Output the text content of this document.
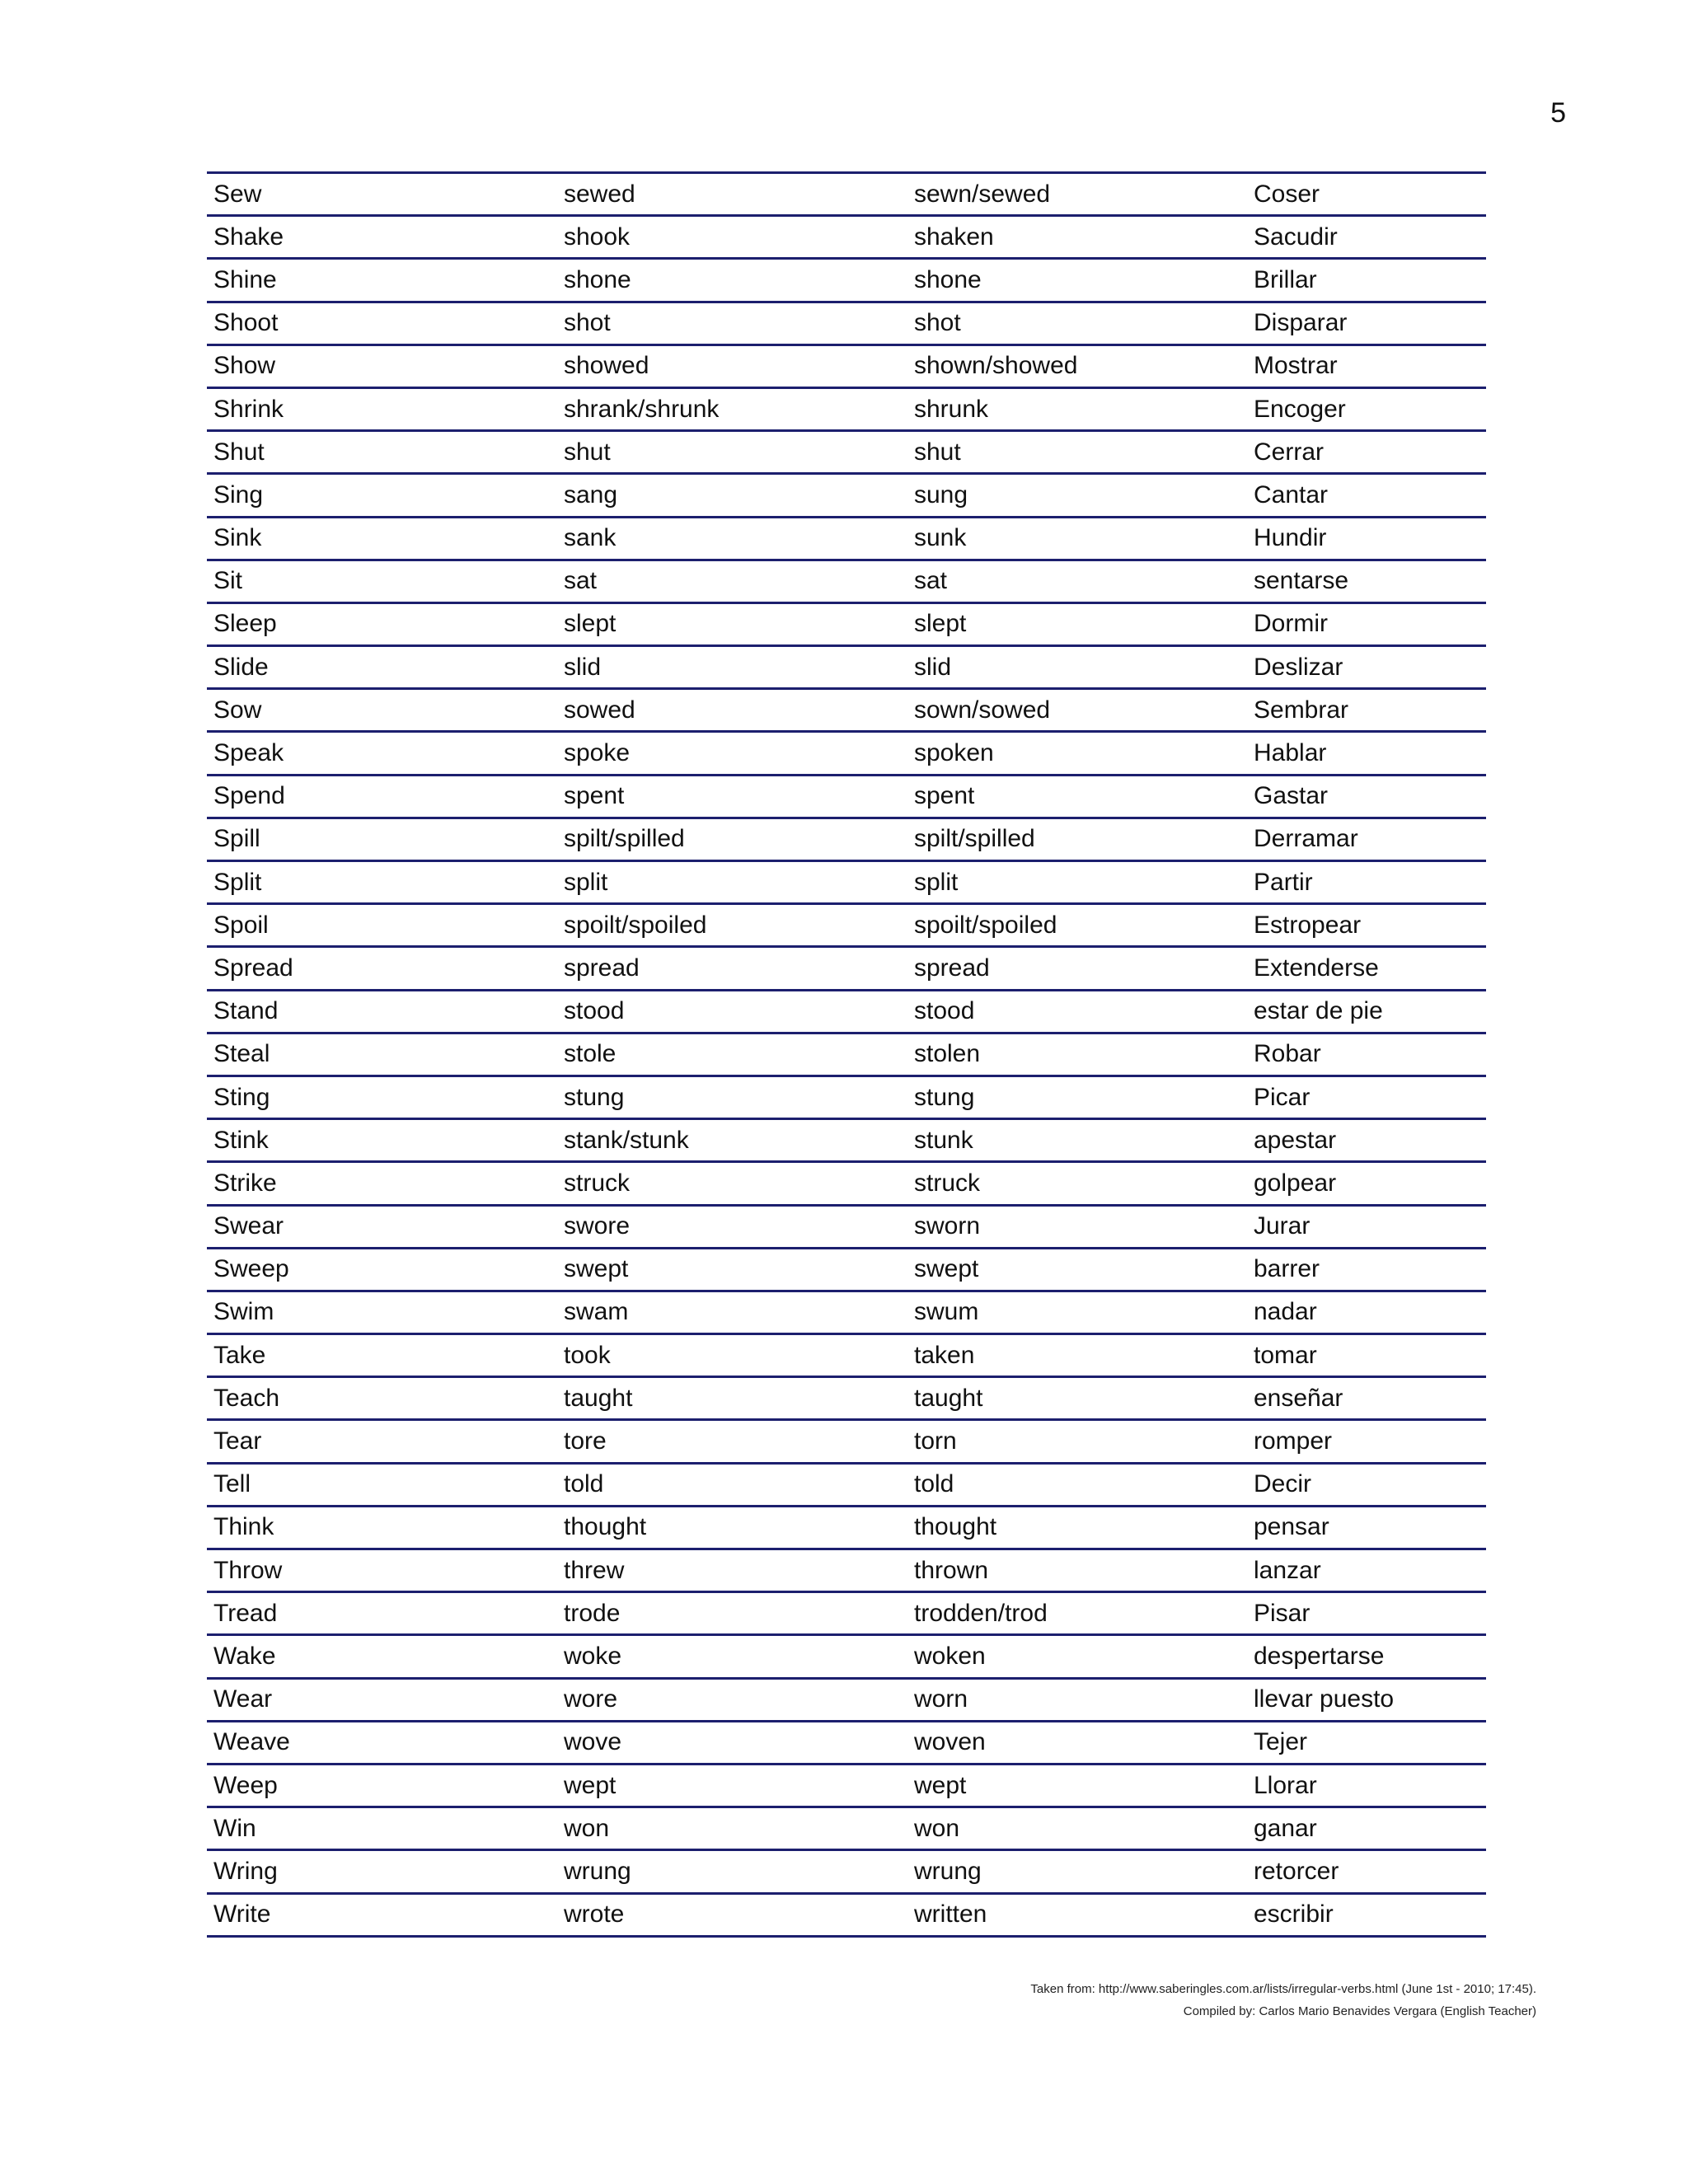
5
Sew	sewed	sewn/sewed	Coser
Shake	shook	shaken	Sacudir
Shine	shone	shone	Brillar
Shoot	shot	shot	Disparar
Show	showed	shown/showed	Mostrar
Shrink	shrank/shrunk	shrunk	Encoger
Shut	shut	shut	Cerrar
Sing	sang	sung	Cantar
Sink	sank	sunk	Hundir
Sit	sat	sat	sentarse
Sleep	slept	slept	Dormir
Slide	slid	slid	Deslizar
Sow	sowed	sown/sowed	Sembrar
Speak	spoke	spoken	Hablar
Spend	spent	spent	Gastar
Spill	spilt/spilled	spilt/spilled	Derramar
Split	split	split	Partir
Spoil	spoilt/spoiled	spoilt/spoiled	Estropear
Spread	spread	spread	Extenderse
Stand	stood	stood	estar de pie
Steal	stole	stolen	Robar
Sting	stung	stung	Picar
Stink	stank/stunk	stunk	apestar
Strike	struck	struck	golpear
Swear	swore	sworn	Jurar
Sweep	swept	swept	barrer
Swim	swam	swum	nadar
Take	took	taken	tomar
Teach	taught	taught	enseñar
Tear	tore	torn	romper
Tell	told	told	Decir
Think	thought	thought	pensar
Throw	threw	thrown	lanzar
Tread	trode	trodden/trod	Pisar
Wake	woke	woken	despertarse
Wear	wore	worn	llevar puesto
Weave	wove	woven	Tejer
Weep	wept	wept	Llorar
Win	won	won	ganar
Wring	wrung	wrung	retorcer
Write	wrote	written	escribir
Taken from: http://www.saberingles.com.ar/lists/irregular-verbs.html (June 1st - 2010; 17:45).
Compiled by: Carlos Mario Benavides Vergara (English Teacher)
